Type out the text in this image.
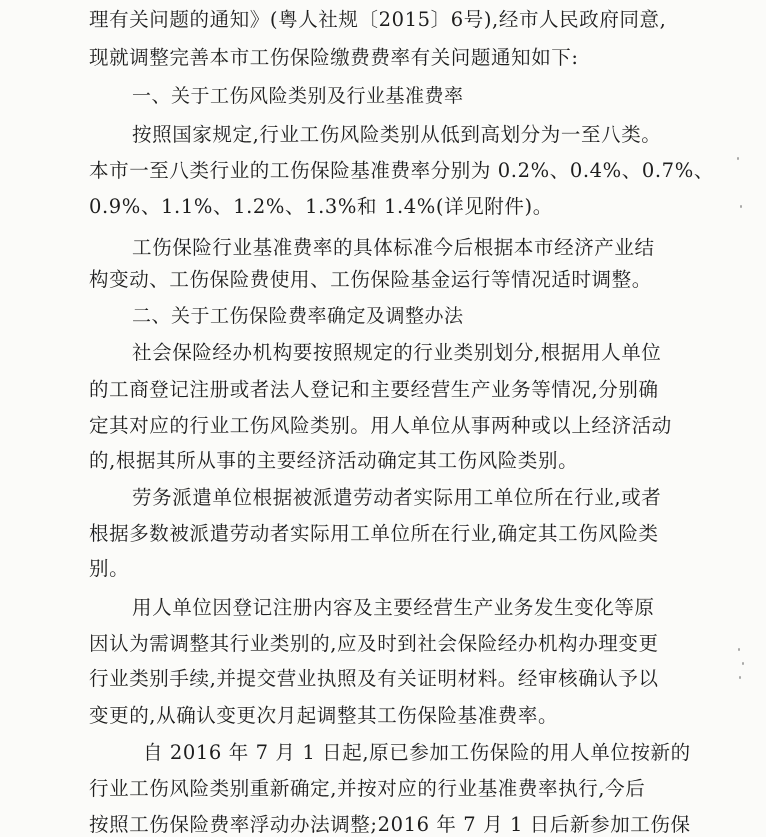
理有关问题的通知》(粤人社规〔2015〕6号),经市人民政府同意,
现就调整完善本市工伤保险缴费费率有关问题通知如下:
一、关于工伤风险类别及行业基准费率
按照国家规定,行业工伤风险类别从低到高划分为一至八类。
本市一至八类行业的工伤保险基准费率分别为 0.2%、0.4%、0.7%、
0.9%、1.1%、1.2%、1.3%和 1.4%(详见附件)。
工伤保险行业基准费率的具体标准今后根据本市经济产业结
构变动、工伤保险费使用、工伤保险基金运行等情况适时调整。
二、关于工伤保险费率确定及调整办法
社会保险经办机构要按照规定的行业类别划分,根据用人单位
的工商登记注册或者法人登记和主要经营生产业务等情况,分别确
定其对应的行业工伤风险类别。用人单位从事两种或以上经济活动
的,根据其所从事的主要经济活动确定其工伤风险类别。
劳务派遣单位根据被派遣劳动者实际用工单位所在行业,或者
根据多数被派遣劳动者实际用工单位所在行业,确定其工伤风险类
别。
用人单位因登记注册内容及主要经营生产业务发生变化等原
因认为需调整其行业类别的,应及时到社会保险经办机构办理变更
行业类别手续,并提交营业执照及有关证明材料。经审核确认予以
变更的,从确认变更次月起调整其工伤保险基准费率。
自 2016 年 7 月 1 日起,原已参加工伤保险的用人单位按新的
行业工伤风险类别重新确定,并按对应的行业基准费率执行,今后
按照工伤保险费率浮动办法调整;2016 年 7 月 1 日后新参加工伤保
